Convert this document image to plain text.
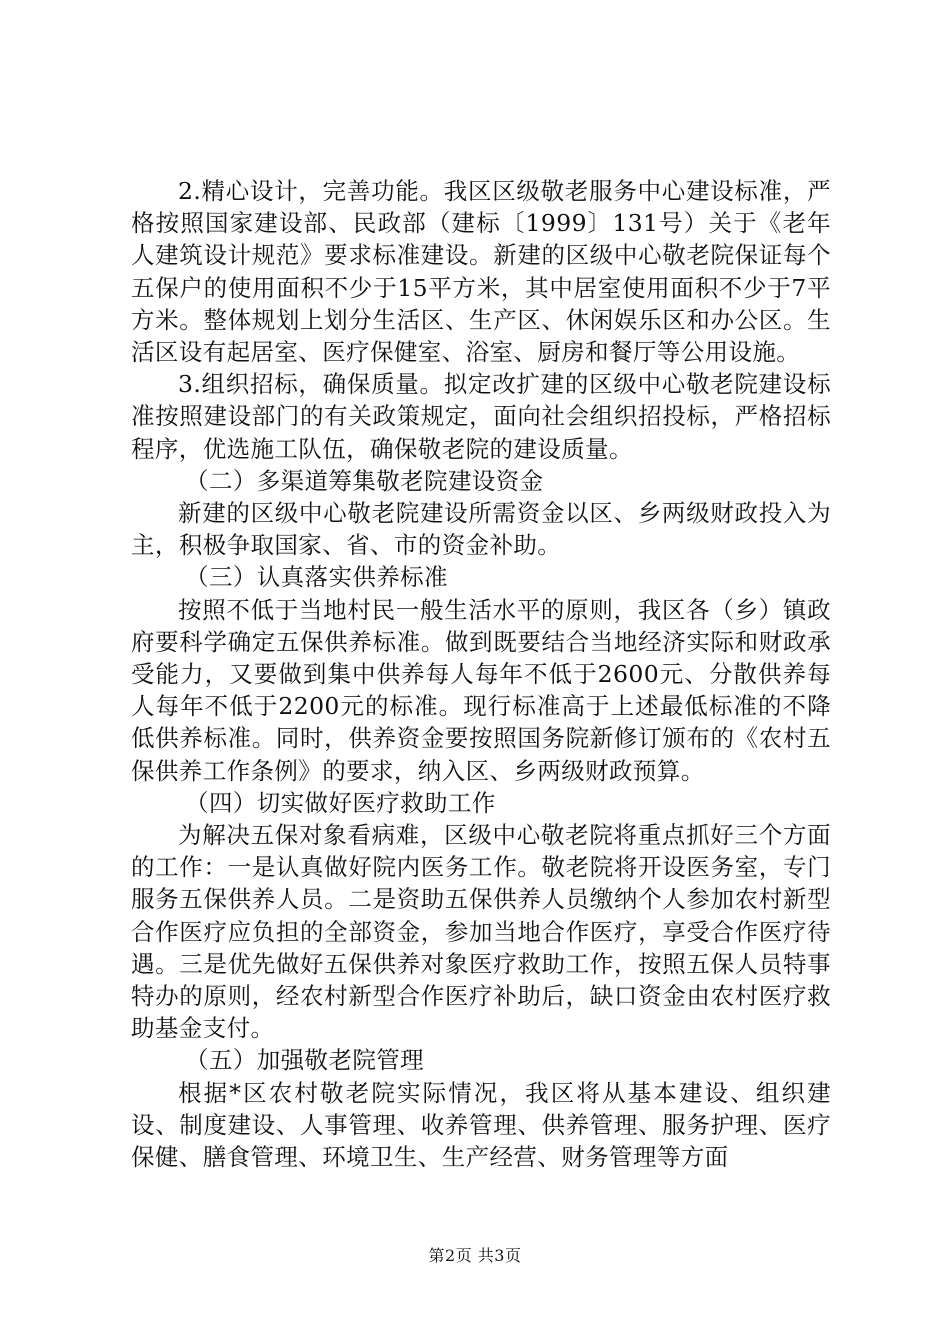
2.精心设计，完善功能。我区区级敬老服务中心建设标准，严格按照国家建设部、民政部（建标〔1999〕131号）关于《老年人建筑设计规范》要求标准建设。新建的区级中心敬老院保证每个五保户的使用面积不少于15平方米，其中居室使用面积不少于7平方米。整体规划上划分生活区、生产区、休闲娱乐区和办公区。生活区设有起居室、医疗保健室、浴室、厨房和餐厅等公用设施。

3.组织招标，确保质量。拟定改扩建的区级中心敬老院建设标准按照建设部门的有关政策规定，面向社会组织招投标，严格招标程序，优选施工队伍，确保敬老院的建设质量。

（二）多渠道筹集敬老院建设资金

新建的区级中心敬老院建设所需资金以区、乡两级财政投入为主，积极争取国家、省、市的资金补助。

（三）认真落实供养标准

按照不低于当地村民一般生活水平的原则，我区各（乡）镇政府要科学确定五保供养标准。做到既要结合当地经济实际和财政承受能力，又要做到集中供养每人每年不低于2600元、分散供养每人每年不低于2200元的标准。现行标准高于上述最低标准的不降低供养标准。同时，供养资金要按照国务院新修订颁布的《农村五保供养工作条例》的要求，纳入区、乡两级财政预算。

（四）切实做好医疗救助工作

为解决五保对象看病难，区级中心敬老院将重点抓好三个方面的工作：一是认真做好院内医务工作。敬老院将开设医务室，专门服务五保供养人员。二是资助五保供养人员缴纳个人参加农村新型合作医疗应负担的全部资金，参加当地合作医疗，享受合作医疗待遇。三是优先做好五保供养对象医疗救助工作，按照五保人员特事特办的原则，经农村新型合作医疗补助后，缺口资金由农村医疗救助基金支付。

（五）加强敬老院管理

根据*区农村敬老院实际情况，我区将从基本建设、组织建设、制度建设、人事管理、收养管理、供养管理、服务护理、医疗保健、膳食管理、环境卫生、生产经营、财务管理等方面

第2页 共3页
